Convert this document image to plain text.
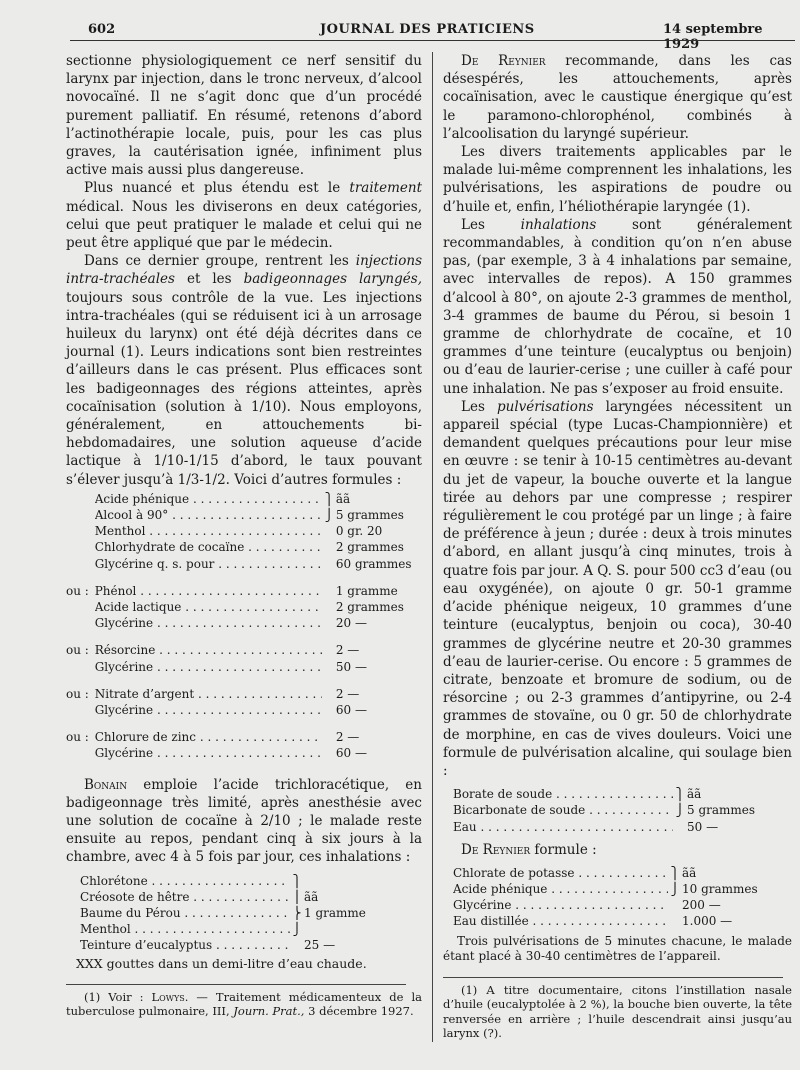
602	JOURNAL DES PRATICIENS	14 septembre 1929

sectionne physiologiquement ce nerf sensitif du larynx par injection, dans le tronc nerveux, d’alcool novocaïné. Il ne s’agit donc que d’un procédé purement palliatif. En résumé, retenons d’abord l’actinothérapie locale, puis, pour les cas plus graves, la cautérisation ignée, infiniment plus active mais aussi plus dangereuse.

Plus nuancé et plus étendu est le traitement médical. Nous les diviserons en deux catégories, celui que peut pratiquer le malade et celui qui ne peut être appliqué que par le médecin.

Dans ce dernier groupe, rentrent les injections intra-trachéales et les badigeonnages laryngés, toujours sous contrôle de la vue. Les injections intra-trachéales (qui se réduisent ici à un arrosage huileux du larynx) ont été déjà décrites dans ce journal (1). Leurs indications sont bien restreintes d’ailleurs dans le cas présent. Plus efficaces sont les badigeonnages des régions atteintes, après cocaïnisation (solution à 1/10). Nous employons, généralement, en attouchements bi-hebdomadaires, une solution aqueuse d’acide lactique à 1/10-1/15 d’abord, le taux pouvant s’élever jusqu’à 1/3-1/2. Voici d’autres formules :

Acide phénique . . .	⎫ ãã
Alcool à 90° . . .	⎭ 5 grammes
Menthol . . .	0 gr. 20
Chlorhydrate de cocaïne . . .	2 grammes
Glycérine q. s. pour . . .	60 grammes
ou : Phénol . . .	1 gramme
Acide lactique . . .	2 grammes
Glycérine . . .	20 —
ou : Résorcine . . .	2 —
Glycérine . . .	50 —
ou : Nitrate d’argent . . .	2 —
Glycérine . . .	60 —
ou : Chlorure de zinc . . .	2 —
Glycérine . . .	60 —

Bonain emploie l’acide trichloracétique, en badigeonnage très limité, après anesthésie avec une solution de cocaïne à 2/10 ; le malade reste ensuite au repos, pendant cinq à six jours à la chambre, avec 4 à 5 fois par jour, ces inhalations :

Chlorétone . . .	⎫
Créosote de hêtre . . .	⎪ ãã
Baume du Pérou . . .	⎬ 1 gramme
Menthol . . .	⎭
Teinture d’eucalyptus . . .	25 —
XXX gouttes dans un demi-litre d’eau chaude.
(1) Voir : Lowys. — Traitement médicamenteux de la tuberculose pulmonaire, III, Journ. Prat., 3 décembre 1927.

De Reynier recommande, dans les cas désespérés, les attouchements, après cocaïnisation, avec le caustique énergique qu’est le paramono-chlorophénol, combinés à l’alcoolisation du laryngé supérieur.

Les divers traitements applicables par le malade lui-même comprennent les inhalations, les pulvérisations, les aspirations de poudre ou d’huile et, enfin, l’héliothérapie laryngée (1).

Les inhalations sont généralement recommandables, à condition qu’on n’en abuse pas, (par exemple, 3 à 4 inhalations par semaine, avec intervalles de repos). A 150 grammes d’alcool à 80°, on ajoute 2-3 grammes de menthol, 3-4 grammes de baume du Pérou, si besoin 1 gramme de chlorhydrate de cocaïne, et 10 grammes d’une teinture (eucalyptus ou benjoin) ou d’eau de laurier-cerise ; une cuiller à café pour une inhalation. Ne pas s’exposer au froid ensuite.

Les pulvérisations laryngées nécessitent un appareil spécial (type Lucas-Championnière) et demandent quelques précautions pour leur mise en œuvre : se tenir à 10-15 centimètres au-devant du jet de vapeur, la bouche ouverte et la langue tirée au dehors par une compresse ; respirer régulièrement le cou protégé par un linge ; à faire de préférence à jeun ; durée : deux à trois minutes d’abord, en allant jusqu’à cinq minutes, trois à quatre fois par jour. A Q. S. pour 500 cc3 d’eau (ou eau oxygénée), on ajoute 0 gr. 50-1 gramme d’acide phénique neigeux, 10 grammes d’une teinture (eucalyptus, benjoin ou coca), 30-40 grammes de glycérine neutre et 20-30 grammes d’eau de laurier-cerise. Ou encore : 5 grammes de citrate, benzoate et bromure de sodium, ou de résorcine ; ou 2-3 grammes d’antipyrine, ou 2-4 grammes de stovaïne, ou 0 gr. 50 de chlorhydrate de morphine, en cas de vives douleurs. Voici une formule de pulvérisation alcaline, qui soulage bien :

Borate de soude . . .	⎫ ãã
Bicarbonate de soude . . .	⎭ 5 grammes
Eau . . .	50 —

De Reynier formule :

Chlorate de potasse . . .	⎫ ãã
Acide phénique . . .	⎭ 10 grammes
Glycérine . . .	200 —
Eau distillée . . .	1.000 —
Trois pulvérisations de 5 minutes chacune, le malade étant placé à 30-40 centimètres de l’appareil.
(1) A titre documentaire, citons l’instillation nasale d’huile (eucalyptolée à 2 %), la bouche bien ouverte, la tête renversée en arrière ; l’huile descendrait ainsi jusqu’au larynx (?).
